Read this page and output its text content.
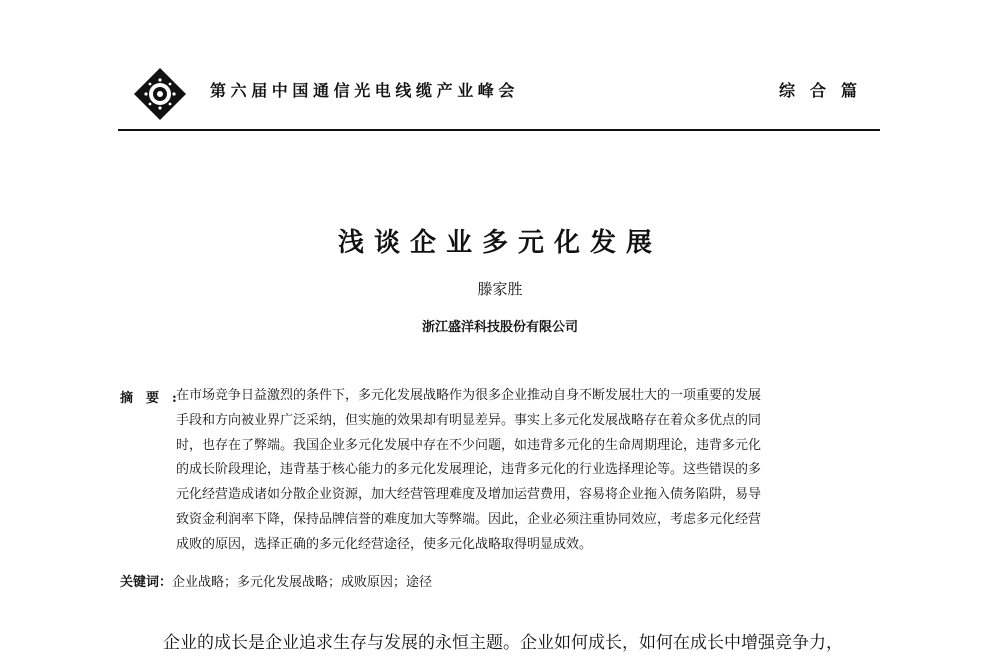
第六届中国通信光电线缆产业峰会	综合篇
浅谈企业多元化发展
滕家胜
浙江盛洋科技股份有限公司
摘要:
在市场竞争日益激烈的条件下，多元化发展战略作为很多企业推动自身不断发展壮大的一项重要的发展
手段和方向被业界广泛采纳，但实施的效果却有明显差异。事实上多元化发展战略存在着众多优点的同
时，也存在了弊端。我国企业多元化发展中存在不少问题，如违背多元化的生命周期理论，违背多元化
的成长阶段理论，违背基于核心能力的多元化发展理论，违背多元化的行业选择理论等。这些错误的多
元化经营造成诸如分散企业资源，加大经营管理难度及增加运营费用，容易将企业拖入债务陷阱，易导
致资金利润率下降，保持品牌信誉的难度加大等弊端。因此，企业必须注重协同效应，考虑多元化经营
成败的原因，选择正确的多元化经营途径，使多元化战略取得明显成效。
关键词：企业战略；多元化发展战略；成败原因；途径
企业的成长是企业追求生存与发展的永恒主题。企业如何成长，如何在成长中增强竞争力，
